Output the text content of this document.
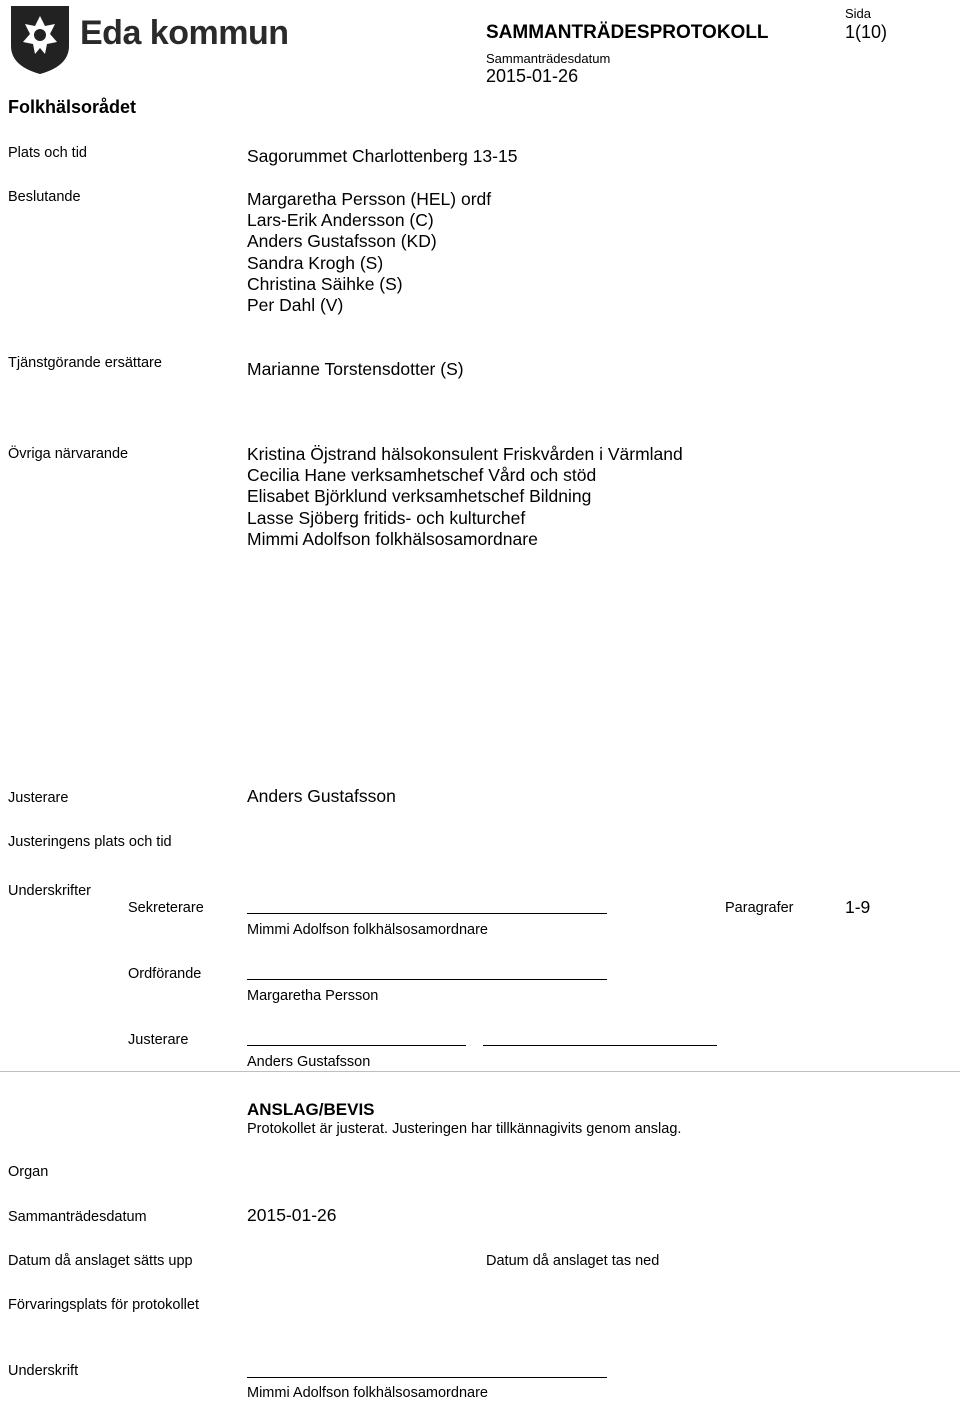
Eda kommun	SAMMANTRÄDESPROTOKOLL
Sammanträdesdatum
2015-01-26
Sida
1(10)
Folkhälsorådet
Plats och tid	Sagorummet Charlottenberg 13-15
Beslutande	Margaretha Persson (HEL) ordf
Lars-Erik Andersson (C)
Anders Gustafsson (KD)
Sandra Krogh (S)
Christina Säihke (S)
Per Dahl (V)
Tjänstgörande ersättare	Marianne Torstensdotter (S)
Övriga närvarande	Kristina Öjstrand hälsokonsulent Friskvården i Värmland
Cecilia Hane verksamhetschef Vård och stöd
Elisabet Björklund verksamhetschef Bildning
Lasse Sjöberg fritids- och kulturchef
Mimmi Adolfson folkhälsosamordnare
Justerare	Anders Gustafsson
Justeringens plats och tid
Underskrifter
Sekreterare
Mimmi Adolfson folkhälsosamordnare
Paragrafer	1-9
Ordförande
Margaretha Persson
Justerare
Anders Gustafsson
ANSLAG/BEVIS
Protokollet är justerat. Justeringen har tillkännagivits genom anslag.
Organ
Sammanträdesdatum	2015-01-26
Datum då anslaget sätts upp	Datum då anslaget tas ned
Förvaringsplats för protokollet
Underskrift
Mimmi Adolfson folkhälsosamordnare
